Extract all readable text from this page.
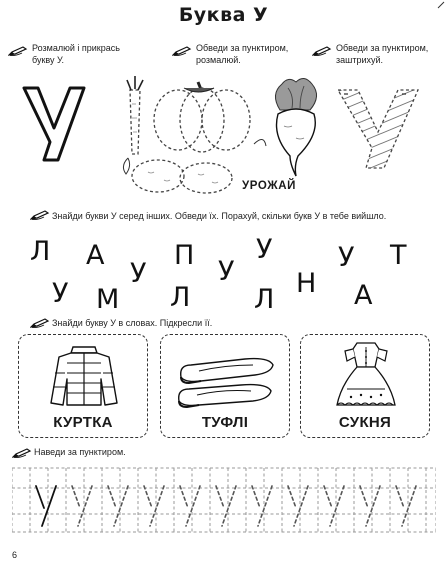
Буква У
Розмалюй і прикрась букву У.
Обведи за пунктиром, розмалюй.
Обведи за пунктиром, заштрихуй.
УРОЖАЙ
Знайди букви У серед інших. Обведи їх. Порахуй, скільки букв У в тебе вийшло.
Л А
У
П
У
У У Т
У М Л Л
Н А
Знайди букву У в словах. Підкресли її.
КУРТКА	ТУФЛІ	СУКНЯ
Наведи за пунктиром.
6
